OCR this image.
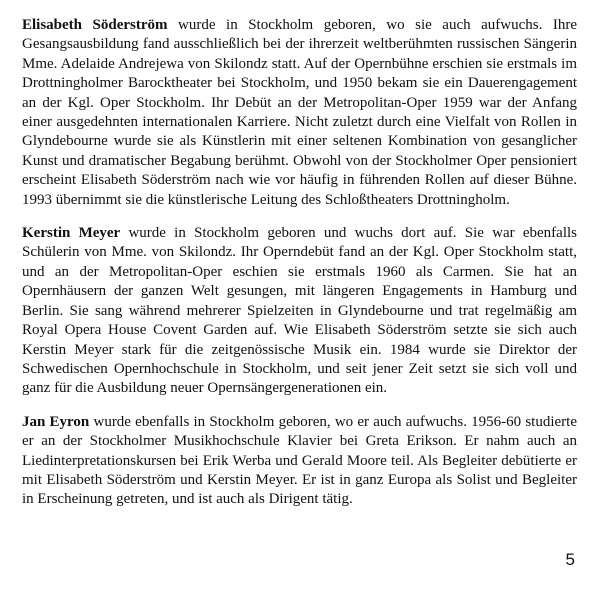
Elisabeth Söderström wurde in Stockholm geboren, wo sie auch aufwuchs. Ihre Gesangsausbildung fand ausschließlich bei der ihrerzeit weltberühmten russischen Sängerin Mme. Adelaide Andrejewa von Skilondz statt. Auf der Opernbühne erschien sie erstmals im Drottningholmer Barocktheater bei Stockholm, und 1950 bekam sie ein Dauerengagement an der Kgl. Oper Stockholm. Ihr Debüt an der Metropolitan-Oper 1959 war der Anfang einer ausgedehnten internationalen Karriere. Nicht zuletzt durch eine Vielfalt von Rollen in Glyndebourne wurde sie als Künstlerin mit einer seltenen Kombination von gesanglicher Kunst und dramatischer Begabung berühmt. Obwohl von der Stockholmer Oper pensioniert erscheint Elisabeth Söderström nach wie vor häufig in führenden Rollen auf dieser Bühne. 1993 übernimmt sie die künstlerische Leitung des Schloßtheaters Drottningholm.

Kerstin Meyer wurde in Stockholm geboren und wuchs dort auf. Sie war ebenfalls Schülerin von Mme. von Skilondz. Ihr Operndebüt fand an der Kgl. Oper Stockholm statt, und an der Metropolitan-Oper eschien sie erstmals 1960 als Carmen. Sie hat an Opernhäusern der ganzen Welt gesungen, mit längeren Engagements in Hamburg und Berlin. Sie sang während mehrerer Spielzeiten in Glyndebourne und trat regelmäßig am Royal Opera House Covent Garden auf. Wie Elisabeth Söderström setzte sie sich auch Kerstin Meyer stark für die zeitgenössische Musik ein. 1984 wurde sie Direktor der Schwedischen Opernhochschule in Stockholm, und seit jener Zeit setzt sie sich voll und ganz für die Ausbildung neuer Opernsängergenerationen ein.

Jan Eyron wurde ebenfalls in Stockholm geboren, wo er auch aufwuchs. 1956-60 studierte er an der Stockholmer Musikhochschule Klavier bei Greta Erikson. Er nahm auch an Liedinterpretationskursen bei Erik Werba und Gerald Moore teil. Als Begleiter debütierte er mit Elisabeth Söderström und Kerstin Meyer. Er ist in ganz Europa als Solist und Begleiter in Erscheinung getreten, und ist auch als Dirigent tätig.

5
